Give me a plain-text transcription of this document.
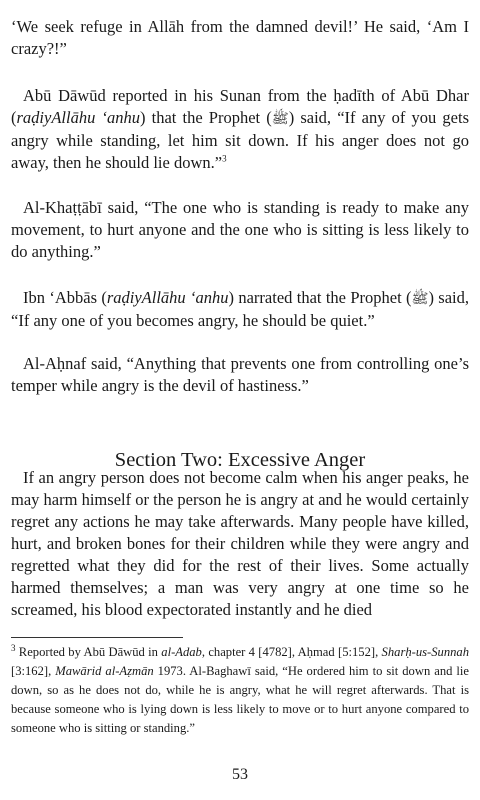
‘We seek refuge in Allāh from the damned devil!’ He said, ‘Am I crazy?!”

Abū Dāwūd reported in his Sunan from the ḥadīth of Abū Dhar (raḍiyAllāhu ‘anhu) that the Prophet (ﷺ) said, “If any of you gets angry while standing, let him sit down. If his anger does not go away, then he should lie down.”$^3$

Al-Khaṭṭābī said, “The one who is standing is ready to make any movement, to hurt anyone and the one who is sitting is less likely to do anything.”

Ibn ‘Abbās (raḍiyAllāhu ‘anhu) narrated that the Prophet (ﷺ) said, “If any one of you becomes angry, he should be quiet.”

Al-Aḥnaf said, “Anything that prevents one from controlling one’s temper while angry is the devil of hastiness.”

Section Two: Excessive Anger

If an angry person does not become calm when his anger peaks, he may harm himself or the person he is angry at and he would certainly regret any actions he may take afterwards. Many people have killed, hurt, and broken bones for their children while they were angry and regretted what they did for the rest of their lives. Some actually harmed themselves; a man was very angry at one time so he screamed, his blood expectorated instantly and he died

$^3$ Reported by Abū Dāwūd in al-Adab, chapter 4 [4782], Aḥmad [5:152], Sharḥ-us-Sunnah [3:162], Mawārid al-Aẓmān 1973. Al-Baghawī said, “He ordered him to sit down and lie down, so as he does not do, while he is angry, what he will regret afterwards. That is because someone who is lying down is less likely to move or to hurt anyone compared to someone who is sitting or standing.”

53
